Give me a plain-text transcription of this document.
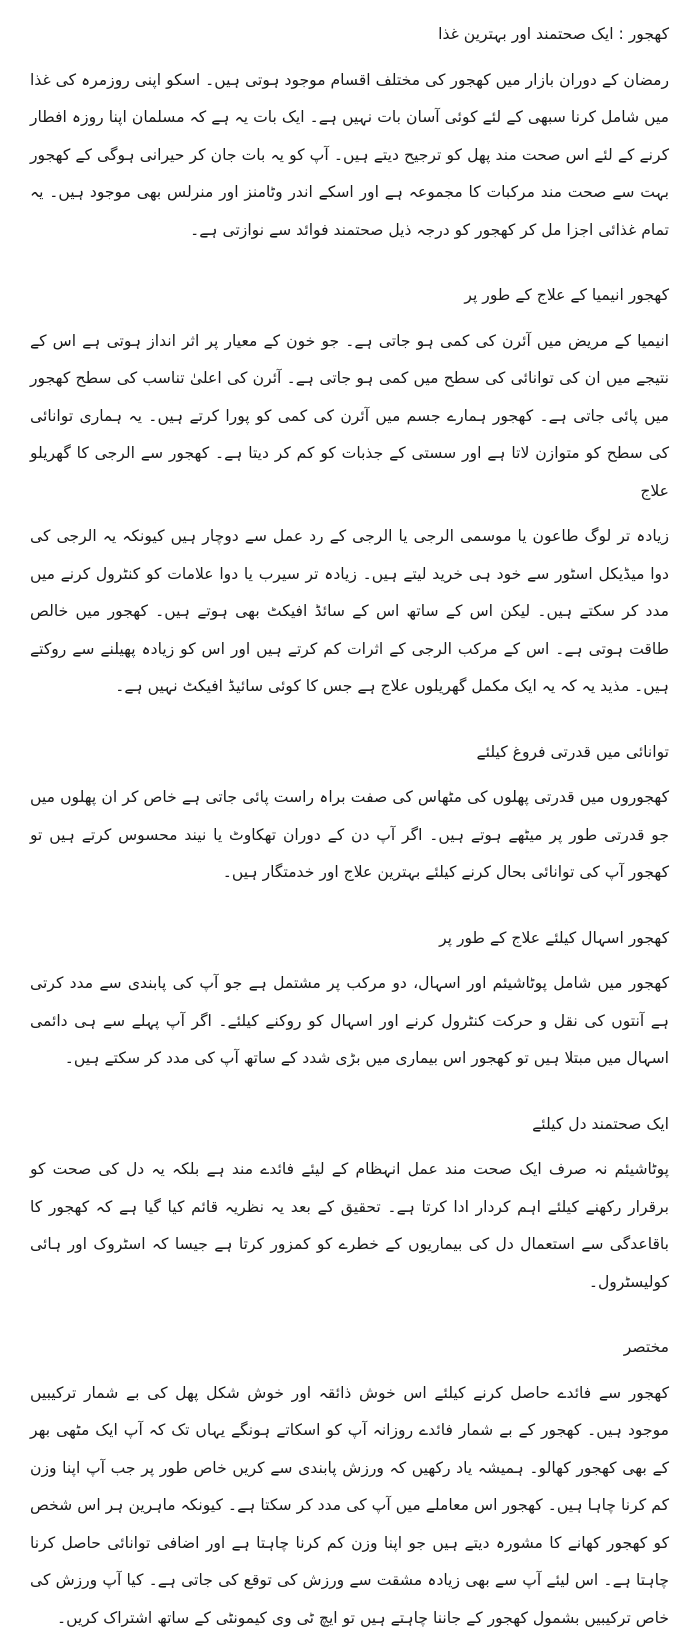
کھجور : ایک صحتمند اور بہترین غذا

رمضان کے دوران بازار میں کھجور کی مختلف اقسام موجود ہوتی ہیں۔ اسکو اپنی روزمرہ کی غذا میں شامل کرنا سبھی کے لئے کوئی آسان بات نہیں ہے۔ ایک بات یہ ہے کہ مسلمان اپنا روزہ افطار کرنے کے لئے اس صحت مند پھل کو ترجیح دیتے ہیں۔ آپ کو یہ بات جان کر حیرانی ہوگی کے کھجور بہت سے صحت مند مرکبات کا مجموعہ ہے اور اسکے اندر وٹامنز اور منرلس بھی موجود ہیں۔ یہ تمام غذائی اجزا مل کر کھجور کو درجہ ذیل صحتمند فوائد سے نوازتی ہے۔

کھجور انیمیا کے علاج کے طور پر

انیمیا کے مریض میں آئرن کی کمی ہو جاتی ہے۔ جو خون کے معیار پر اثر انداز ہوتی ہے اس کے نتیجے میں ان کی توانائی کی سطح میں کمی ہو جاتی ہے۔ آئرن کی اعلیٰ تناسب کی سطح کھجور میں پائی جاتی ہے۔ کھجور ہمارے جسم میں آئرن کی کمی کو پورا کرتے ہیں۔ یہ ہماری توانائی کی سطح کو متوازن لاتا ہے اور سستی کے جذبات کو کم کر دیتا ہے۔ کھجور سے الرجی کا گھریلو علاج

زیادہ تر لوگ طاعون یا موسمی الرجی یا الرجی کے رد عمل سے دوچار ہیں کیونکہ یہ الرجی کی دوا میڈیکل اسٹور سے خود ہی خرید لیتے ہیں۔ زیادہ تر سیرب یا دوا علامات کو کنٹرول کرنے میں مدد کر سکتے ہیں۔ لیکن اس کے ساتھ اس کے سائڈ افیکٹ بھی ہوتے ہیں۔ کھجور میں خالص طاقت ہوتی ہے۔ اس کے مرکب الرجی کے اثرات کم کرتے ہیں اور اس کو زیادہ پھیلنے سے روکتے ہیں۔ مذید یہ کہ یہ ایک مکمل گھریلوں علاج ہے جس کا کوئی سائیڈ افیکٹ نہیں ہے۔

توانائی میں قدرتی فروغ کیلئے

کھجوروں میں قدرتی پھلوں کی مٹھاس کی صفت براہ راست پائی جاتی ہے خاص کر ان پھلوں میں جو قدرتی طور پر میٹھے ہوتے ہیں۔ اگر آپ دن کے دوران تھکاوٹ یا نیند محسوس کرتے ہیں تو کھجور آپ کی توانائی بحال کرنے کیلئے بہترین علاج اور خدمتگار ہیں۔

کھجور اسہال کیلئے علاج کے طور پر

کھجور میں شامل پوٹاشیئم اور اسہال، دو مرکب پر مشتمل ہے جو آپ کی پابندی سے مدد کرتی ہے آنتوں کی نقل و حرکت کنٹرول کرنے اور اسہال کو روکنے کیلئے۔ اگر آپ پہلے سے ہی دائمی اسہال میں مبتلا ہیں تو کھجور اس بیماری میں بڑی شدد کے ساتھ آپ کی مدد کر سکتے ہیں۔

ایک صحتمند دل کیلئے

پوٹاشیئم نہ صرف ایک صحت مند عمل انہظام کے لیئے فائدے مند ہے بلکہ یہ دل کی صحت کو برقرار رکھنے کیلئے اہم کردار ادا کرتا ہے۔ تحقیق کے بعد یہ نظریہ قائم کیا گیا ہے کہ کھجور کا باقاعدگی سے استعمال دل کی بیماریوں کے خطرے کو کمزور کرتا ہے جیسا کہ اسٹروک اور ہائی کولیسٹرول۔

مختصر

کھجور سے فائدے حاصل کرنے کیلئے اس خوش ذائقہ اور خوش شکل پھل کی بے شمار ترکیبیں موجود ہیں۔ کھجور کے بے شمار فائدے روزانہ آپ کو اسکاتے ہونگے یہاں تک کہ آپ ایک مٹھی بھر کے بھی کھجور کھالو۔ ہمیشہ یاد رکھیں کہ ورزش پابندی سے کریں خاص طور پر جب آپ اپنا وزن کم کرنا چاہا ہیں۔ کھجور اس معاملے میں آپ کی مدد کر سکتا ہے۔ کیونکہ ماہرین ہر اس شخص کو کھجور کھانے کا مشورہ دیتے ہیں جو اپنا وزن کم کرنا چاہتا ہے اور اضافی توانائی حاصل کرنا چاہتا ہے۔ اس لیئے آپ سے بھی زیادہ مشقت سے ورزش کی توقع کی جاتی ہے۔ کیا آپ ورزش کی خاص ترکیبیں بشمول کھجور کے جاننا چاہتے ہیں تو ایچ ٹی وی کیمونٹی کے ساتھ اشتراک کریں۔
